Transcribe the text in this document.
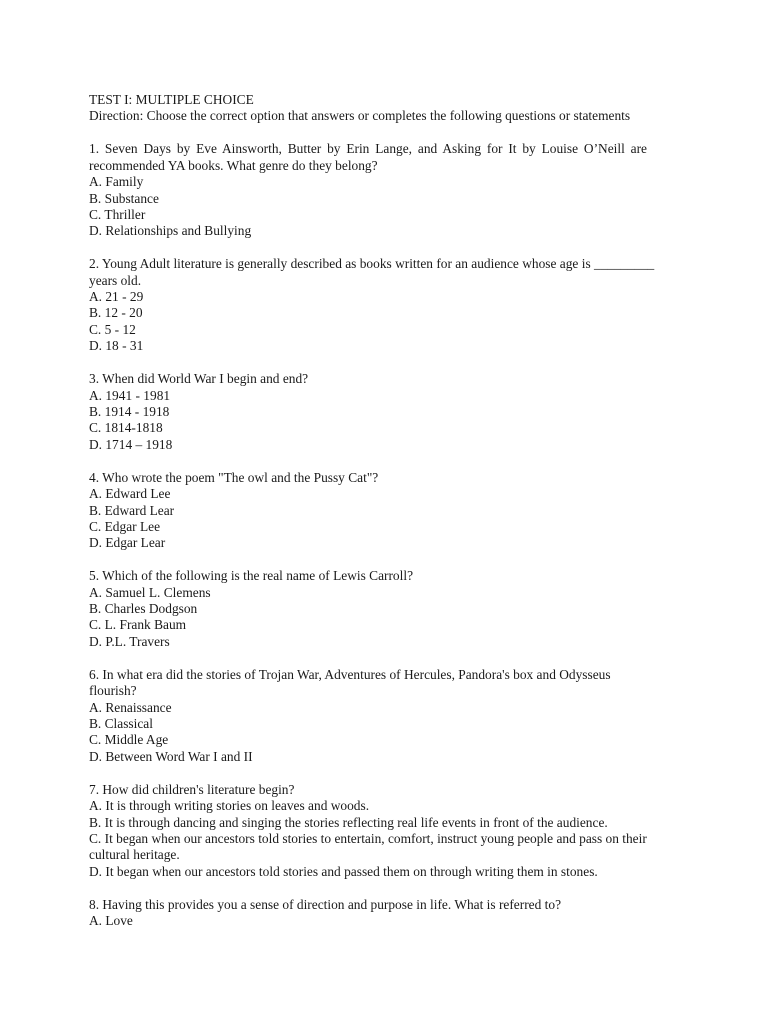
TEST I: MULTIPLE CHOICE
Direction: Choose the correct option that answers or completes the following questions or statements
1. Seven Days by Eve Ainsworth, Butter by Erin Lange, and Asking for It by Louise O’Neill are recommended YA books. What genre do they belong?
A. Family
B. Substance
C. Thriller
D. Relationships and Bullying
2. Young Adult literature is generally described as books written for an audience whose age is _________ years old.
A. 21 - 29
B. 12 - 20
C. 5 - 12
D. 18 - 31
3. When did World War I begin and end?
A. 1941 - 1981
B. 1914 - 1918
C. 1814-1818
D. 1714 – 1918
4. Who wrote the poem "The owl and the Pussy Cat"?
A. Edward Lee
B. Edward Lear
C. Edgar Lee
D. Edgar Lear
5. Which of the following is the real name of Lewis Carroll?
A. Samuel L. Clemens
B. Charles Dodgson
C. L. Frank Baum
D. P.L. Travers
6. In what era did the stories of Trojan War, Adventures of Hercules, Pandora's box and Odysseus flourish?
A. Renaissance
B. Classical
C. Middle Age
D. Between Word War I and II
7. How did children's literature begin?
A. It is through writing stories on leaves and woods.
B. It is through dancing and singing the stories reflecting real life events in front of the audience.
C. It began when our ancestors told stories to entertain, comfort, instruct young people and pass on their cultural heritage.
D. It began when our ancestors told stories and passed them on through writing them in stones.
8. Having this provides you a sense of direction and purpose in life. What is referred to?
A. Love
